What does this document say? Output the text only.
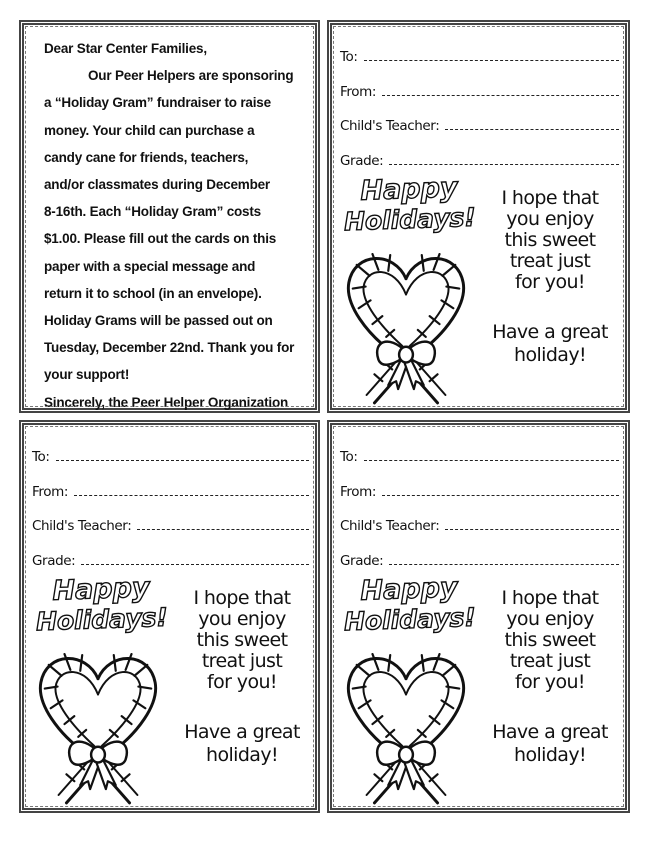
Dear Star Center Families,
Our Peer Helpers are sponsoring
a “Holiday Gram” fundraiser to raise
money. Your child can purchase a
candy cane for friends, teachers,
and/or classmates during December
8-16th. Each “Holiday Gram” costs
$1.00. Please fill out the cards on this
paper with a special message and
return it to school (in an envelope).
Holiday Grams will be passed out on
Tuesday, December 22nd. Thank you for
your support!
Sincerely, the Peer Helper Organization
To:
From:
Child's Teacher:
Grade:
Happy
Holidays!
I hope that
you enjoy
this sweet
treat just
for you!
Have a great
holiday!
To:
From:
Child's Teacher:
Grade:
Happy
Holidays!
I hope that
you enjoy
this sweet
treat just
for you!
Have a great
holiday!
To:
From:
Child's Teacher:
Grade:
Happy
Holidays!
I hope that
you enjoy
this sweet
treat just
for you!
Have a great
holiday!
